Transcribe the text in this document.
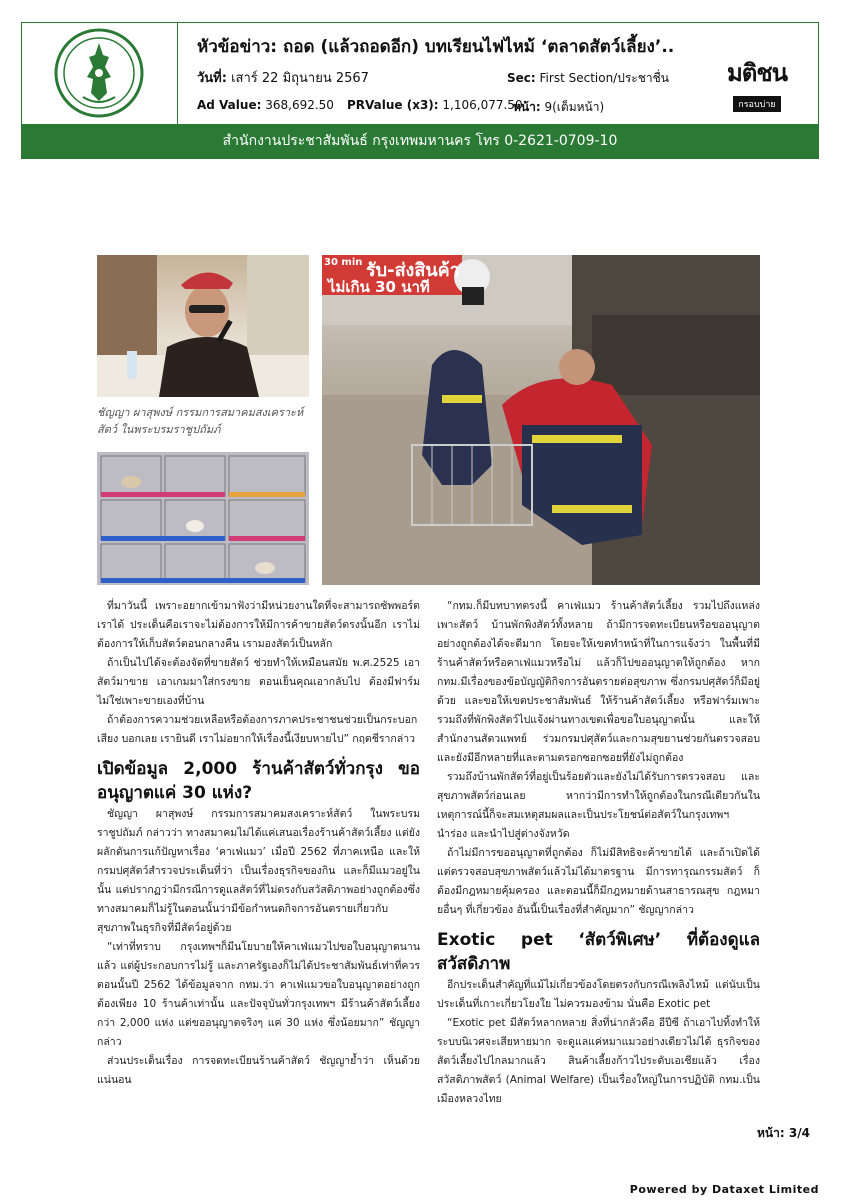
หัวข้อข่าว: ถอด (แล้วถอดอีก) บทเรียนไฟไหม้ ‘ตลาดสัตว์เลี้ยง’..
วันที่: เสาร์ 22 มิถุนายน 2567	Sec: First Section/ประชาชื่น
Ad Value: 368,692.50 PRValue (x3): 1,106,077.50
หน้า: 9(เต็มหน้า)
มติชน
กรอบบ่าย
สำนักงานประชาสัมพันธ์ กรุงเทพมหานคร โทร 0-2621-0709-10
ชัญญา ผาสุพงษ์ กรรมการสมาคมสงเคราะห์สัตว์ ในพระบรมราชูปถัมภ์
30 min รับ-ส่งสินค้า
ไม่เกิน 30 นาที

ที่มาวันนี้ เพราะอยากเข้ามาฟังว่ามีหน่วยงานใดที่จะสามารถซัพพอร์ตเราได้ ประเด็นคือเราจะไม่ต้องการให้มีการค้าขายสัตว์ตรงนั้นอีก เราไม่ต้องการให้เก็บสัตว์ตอนกลางคืน เรามองสัตว์เป็นหลัก

ถ้าเป็นไปได้จะต้องจัดที่ขายสัตว์ ช่วยทำให้เหมือนสมัย พ.ศ.2525 เอาสัตว์มาขาย เอาเกมมาใส่กรงขาย ตอนเย็นคุณเอากลับไป ต้องมีฟาร์ม ไม่ใช่เพาะขายเองที่บ้าน

ถ้าต้องการความช่วยเหลือหรือต้องการภาคประชาชนช่วยเป็นกระบอกเสียง บอกเลย เรายินดี เราไม่อยากให้เรื่องนี้เงียบหายไป” กฤตชีรากล่าว

เปิดข้อมูล 2,000 ร้านค้าสัตว์ทั่วกรุง ขออนุญาตแค่ 30 แห่ง?

ชัญญา ผาสุพงษ์ กรรมการสมาคมสงเคราะห์สัตว์ ในพระบรมราชูปถัมภ์ กล่าวว่า ทางสมาคมไม่ได้แค่เสนอเรื่องร้านค้าสัตว์เลี้ยง แต่ยังผลักดันการแก้ปัญหาเรื่อง ‘คาเฟ่แมว’ เมื่อปี 2562 ที่ภาคเหนือ และให้กรมปศุสัตว์สำรวจประเด็นที่ว่า เป็นเรื่องธุรกิจของกิน และก็มีแมวอยู่ในนั้น แต่ปรากฏว่ามีกรณีการดูแลสัตว์ที่ไม่ตรงกับสวัสดิภาพอย่างถูกต้องซึ่งทางสมาคมก็ไม่รู้ในตอนนั้นว่ามีข้อกำหนดกิจการอันตรายเกี่ยวกับสุขภาพในธุรกิจที่มีสัตว์อยู่ด้วย

“เท่าที่ทราบ กรุงเทพฯก็มีนโยบายให้คาเฟ่แมวไปขอใบอนุญาตนานแล้ว แต่ผู้ประกอบการไม่รู้ และภาครัฐเองก็ไม่ได้ประชาสัมพันธ์เท่าที่ควร ตอนนั้นปี 2562 ได้ข้อมูลจาก กทม.ว่า คาเฟ่แมวขอใบอนุญาตอย่างถูกต้องเพียง 10 ร้านค้าเท่านั้น และปัจจุบันทั่วกรุงเทพฯ มีร้านค้าสัตว์เลี้ยงกว่า 2,000 แห่ง แต่ขออนุญาตจริงๆ แค่ 30 แห่ง ซึ่งน้อยมาก” ชัญญากล่าว

ส่วนประเด็นเรื่อง การจดทะเบียนร้านค้าสัตว์ ชัญญาย้ำว่า เห็นด้วยแน่นอน

“กทม.ก็มีบทบาทตรงนี้ คาเฟ่แมว ร้านค้าสัตว์เลี้ยง รวมไปถึงแหล่งเพาะสัตว์ บ้านพักพิงสัตว์ทั้งหลาย ถ้ามีการจดทะเบียนหรือขออนุญาตอย่างถูกต้องได้จะดีมาก โดยจะให้เขตทำหน้าที่ในการแจ้งว่า ในพื้นที่มีร้านค้าสัตว์หรือคาเฟ่แมวหรือไม่ แล้วก็ไปขออนุญาตให้ถูกต้อง หาก กทม.มีเรื่องของข้อบัญญัติกิจการอันตรายต่อสุขภาพ ซึ่งกรมปศุสัตว์ก็มีอยู่ด้วย และขอให้เขตประชาสัมพันธ์ ให้ร้านค้าสัตว์เลี้ยง หรือฟาร์มเพาะรวมถึงที่พักพิงสัตว์ไปแจ้งผ่านทางเขตเพื่อขอใบอนุญาตนั้น และให้สำนักงานสัตวแพทย์ ร่วมกรมปศุสัตว์และกามสุขยานช่วยกันตรวจสอบ และยังมีอีกหลายที่และตามตรอกซอกซอยที่ยังไม่ถูกต้อง

รวมถึงบ้านพักสัตว์ที่อยู่เป็นร้อยตัวและยังไม่ได้รับการตรวจสอบ และสุขภาพสัตว์ก่อนเลย หากว่ามีการทำให้ถูกต้องในกรณีเดียวกันในเหตุการณ์นี้ก็จะสมเหตุสมผลและเป็นประโยชน์ต่อสัตว์ในกรุงเทพฯ นำร่อง และนำไปสู่ต่างจังหวัด

ถ้าไม่มีการขออนุญาตที่ถูกต้อง ก็ไม่มีสิทธิจะค้าขายได้ และถ้าเปิดได้แต่ตรวจสอบสุขภาพสัตว์แล้วไม่ได้มาตรฐาน มีการทารุณกรรมสัตว์ ก็ต้องมีกฎหมายคุ้มครอง และตอนนี้ก็มีกฎหมายด้านสาธารณสุข กฎหมายอื่นๆ ที่เกี่ยวข้อง อันนี้เป็นเรื่องที่สำคัญมาก” ชัญญากล่าว

Exotic pet ‘สัตว์พิเศษ’ ที่ต้องดูแลสวัสดิภาพ

อีกประเด็นสำคัญที่แม้ไม่เกี่ยวข้องโดยตรงกับกรณีเพลิงไหม้ แต่นับเป็นประเด็นที่เกาะเกี่ยวโยงใย ไม่ควรมองข้าม นั่นคือ Exotic pet

“Exotic pet มีสัตว์หลากหลาย สิ่งที่น่ากลัวคือ อีปีซี ถ้าเอาไปทิ้งทำให้ระบบนิเวศจะเสียหายมาก จะดูแลแค่หมาแมวอย่างเดียวไม่ได้ ธุรกิจของสัตว์เลี้ยงไปไกลมากแล้ว สินค้าเลี้ยงก้าวไประดับเอเชียแล้ว เรื่องสวัสดิภาพสัตว์ (Animal Welfare) เป็นเรื่องใหญ่ในการปฏิบัติ กทม.เป็นเมืองหลวงไทย

หน้า: 3/4
Powered by Dataxet Limited
